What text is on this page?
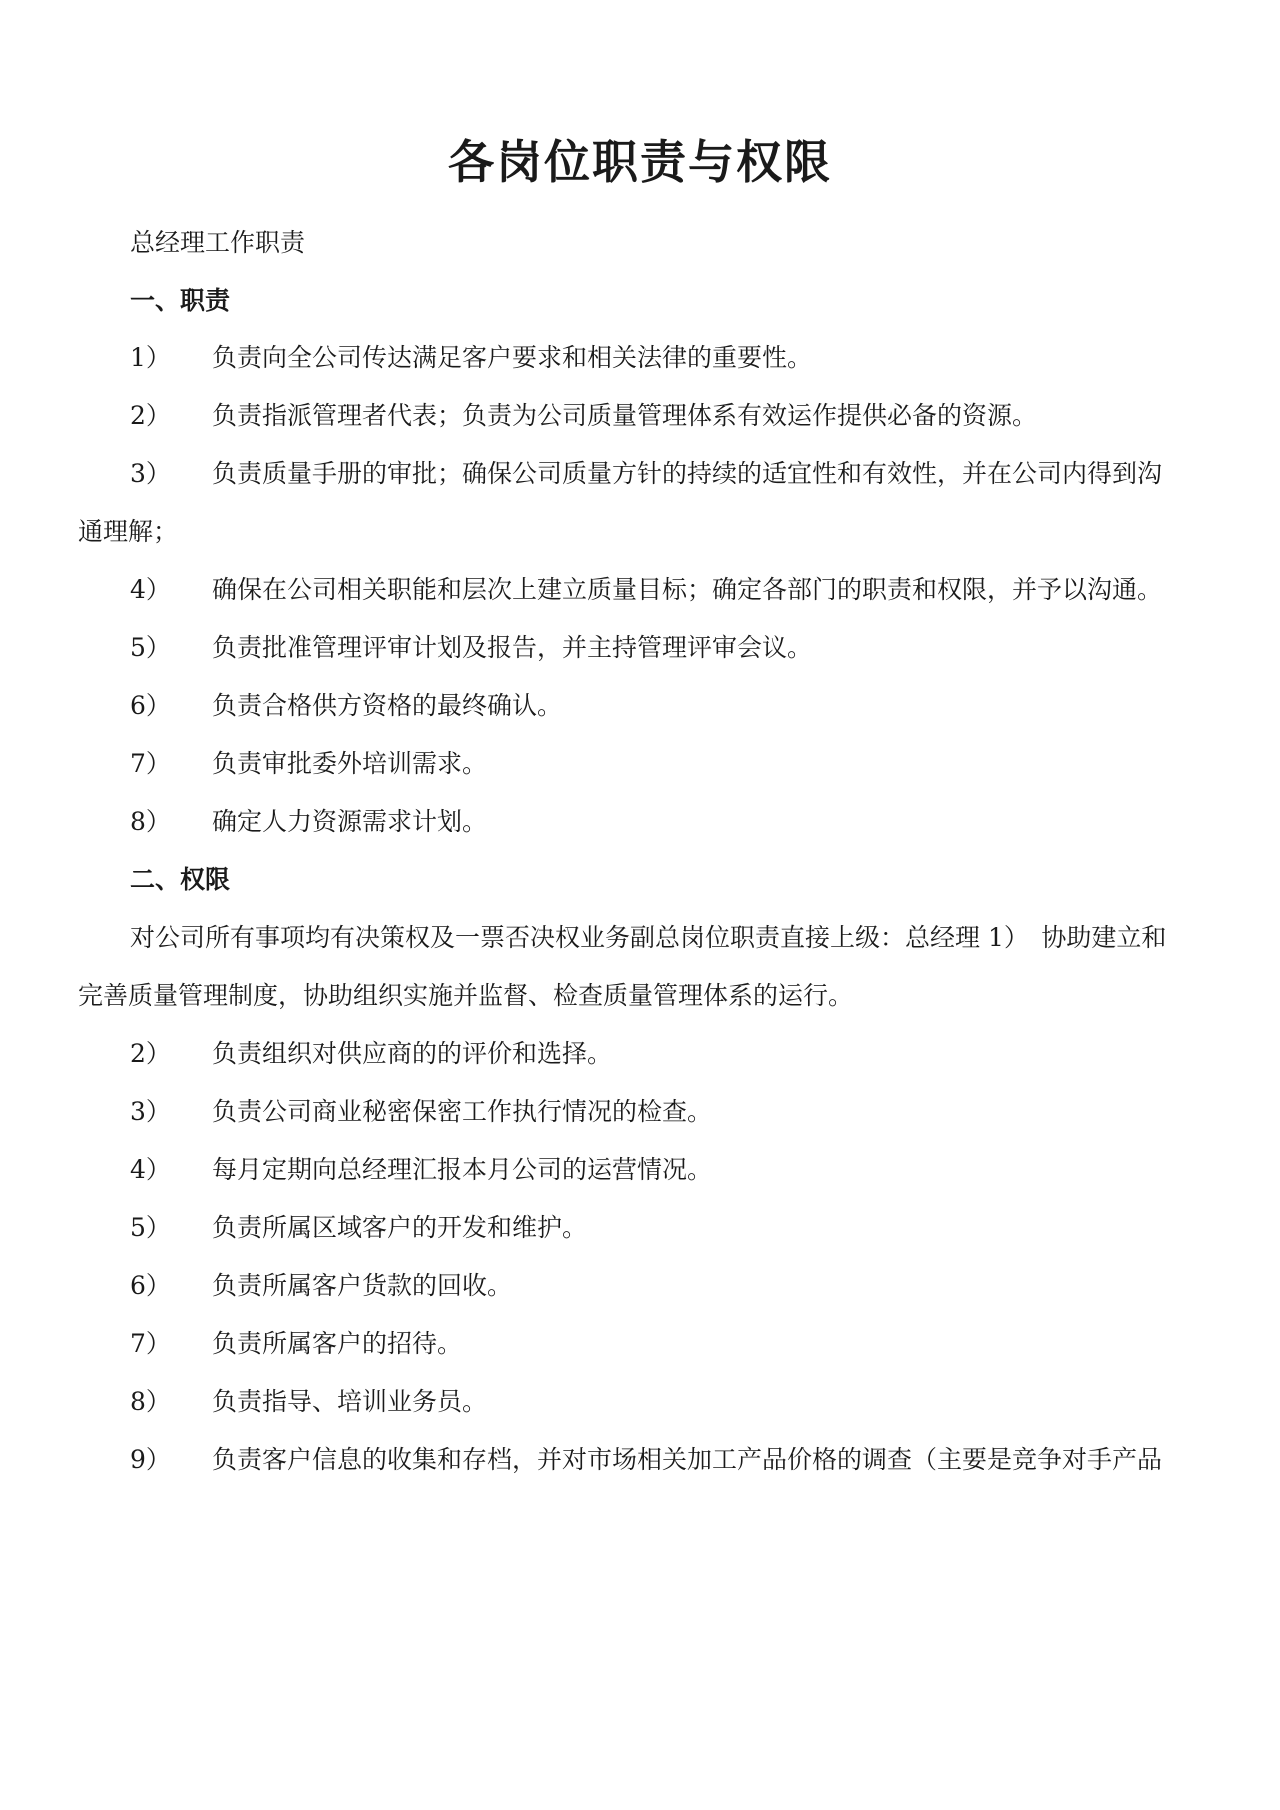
各岗位职责与权限
总经理工作职责
一、职责
1） 负责向全公司传达满足客户要求和相关法律的重要性。
2） 负责指派管理者代表；负责为公司质量管理体系有效运作提供必备的资源。
3） 负责质量手册的审批；确保公司质量方针的持续的适宜性和有效性，并在公司内得到沟
通理解；
4） 确保在公司相关职能和层次上建立质量目标；确定各部门的职责和权限，并予以沟通。
5） 负责批准管理评审计划及报告，并主持管理评审会议。
6） 负责合格供方资格的最终确认。
7） 负责审批委外培训需求。
8） 确定人力资源需求计划。
二、权限
对公司所有事项均有决策权及一票否决权业务副总岗位职责直接上级：总经理 1）　协助建立和
完善质量管理制度，协助组织实施并监督、检查质量管理体系的运行。
2） 负责组织对供应商的的评价和选择。
3） 负责公司商业秘密保密工作执行情况的检查。
4） 每月定期向总经理汇报本月公司的运营情况。
5） 负责所属区域客户的开发和维护。
6） 负责所属客户货款的回收。
7） 负责所属客户的招待。
8） 负责指导、培训业务员。
9） 负责客户信息的收集和存档，并对市场相关加工产品价格的调查（主要是竞争对手产品
